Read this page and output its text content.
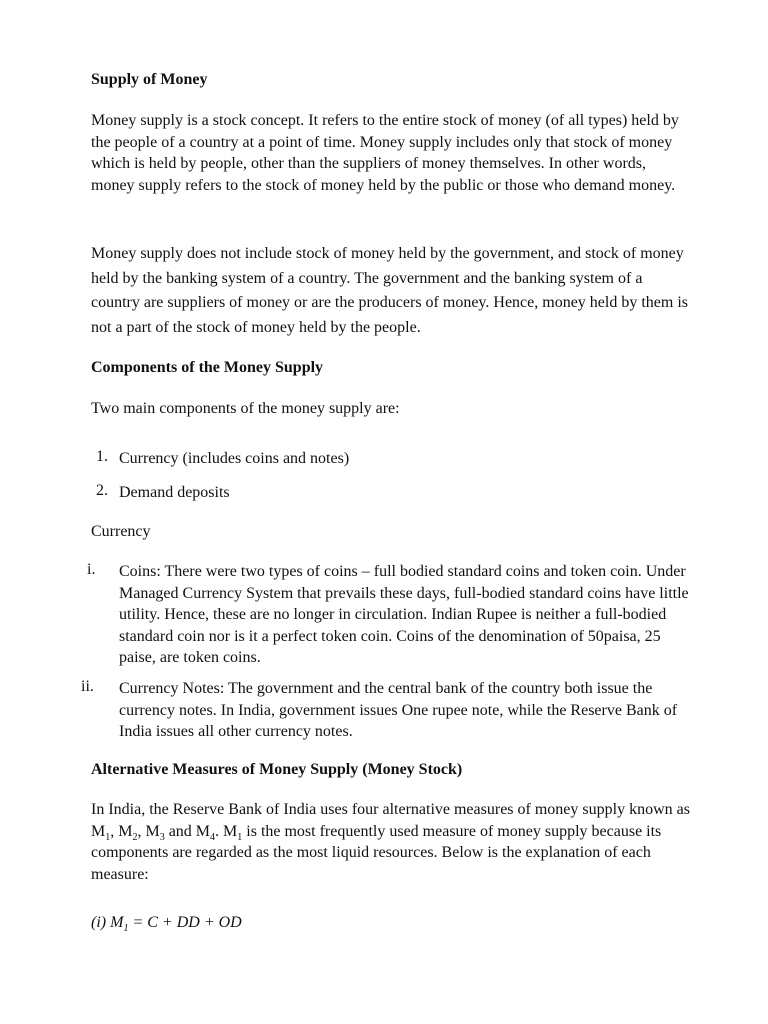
Supply of Money

Money supply is a stock concept. It refers to the entire stock of money (of all types) held by the people of a country at a point of time. Money supply includes only that stock of money which is held by people, other than the suppliers of money themselves. In other words, money supply refers to the stock of money held by the public or those who demand money.

Money supply does not include stock of money held by the government, and stock of money held by the banking system of a country. The government and the banking system of a country are suppliers of money or are the producers of money. Hence, money held by them is not a part of the stock of money held by the people.

Components of the Money Supply

Two main components of the money supply are:

1. Currency (includes coins and notes)
2. Demand deposits

Currency

i. Coins: There were two types of coins – full bodied standard coins and token coin. Under Managed Currency System that prevails these days, full-bodied standard coins have little utility. Hence, these are no longer in circulation. Indian Rupee is neither a full-bodied standard coin nor is it a perfect token coin. Coins of the denomination of 50paisa, 25 paise, are token coins.

ii. Currency Notes: The government and the central bank of the country both issue the currency notes. In India, government issues One rupee note, while the Reserve Bank of India issues all other currency notes.

Alternative Measures of Money Supply (Money Stock)

In India, the Reserve Bank of India uses four alternative measures of money supply known as $M_1$, $M_2$, $M_3$ and $M_4$. $M_1$ is the most frequently used measure of money supply because its components are regarded as the most liquid resources. Below is the explanation of each measure:

(i) $M_1 = C$ + DD + OD
